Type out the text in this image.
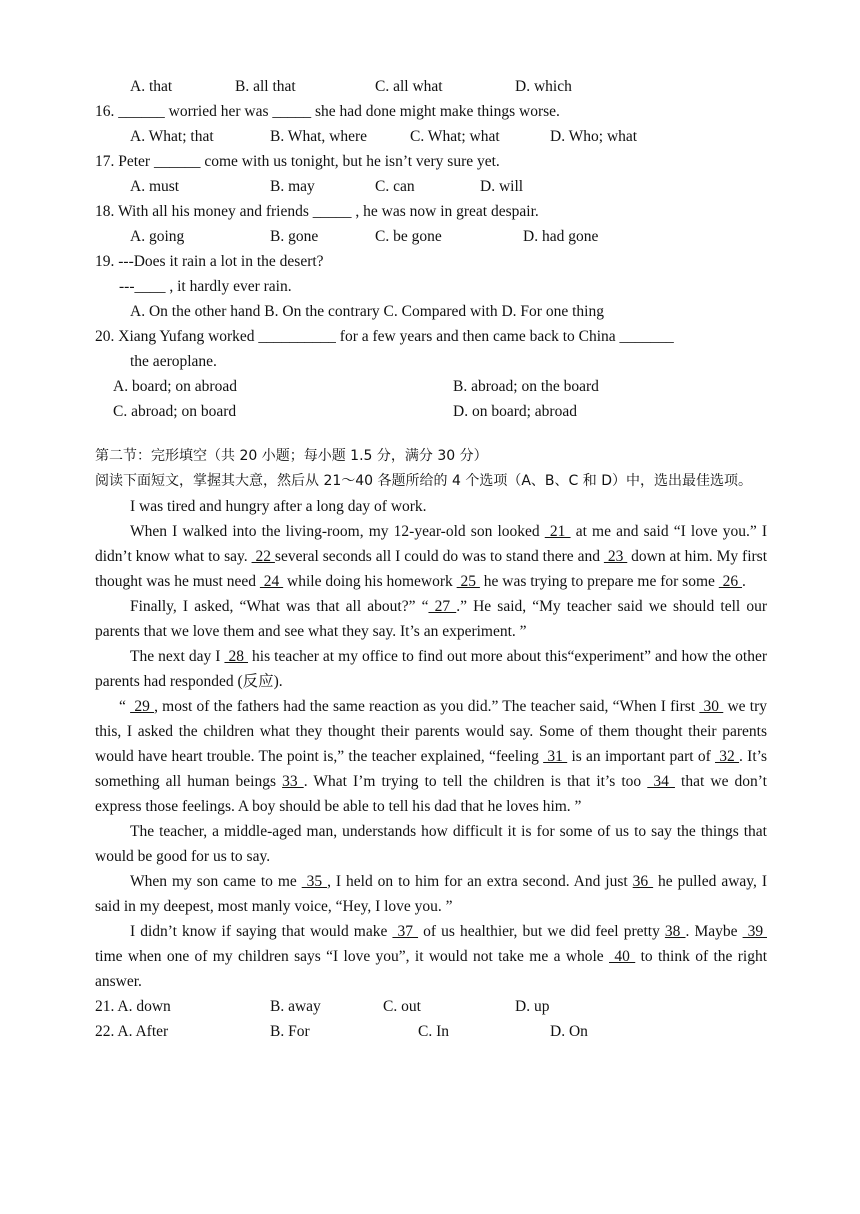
A. that	B. all that	C. all what	D. which
16. ______ worried her was _____ she had done might make things worse.
A. What; that	B. What, where	C. What; what	D. Who; what
17. Peter ______ come with us tonight, but he isn’t very sure yet.
A. must	B. may	C. can	D. will
18. With all his money and friends _____ , he was now in great despair.
A. going	B. gone	C. be gone	D. had gone
19. ---Does it rain a lot in the desert?
---____ , it hardly ever rain.
A. On the other hand B. On the contrary C. Compared with D. For one thing
20. Xiang Yufang worked __________ for a few years and then came back to China _______
the aeroplane.
A. board; on abroad	B. abroad; on the board
C. abroad; on board	D. on board; abroad
第二节：完形填空（共 20 小题；每小题 1.5 分，满分 30 分）
阅读下面短文，掌握其大意，然后从 21～40 各题所给的 4 个选项（A、B、C 和 D）中，选出最佳选项。
I was tired and hungry after a long day of work.
When I walked into the living-room, my 12-year-old son looked  21  at me and said “I love you.” I didn’t know what to say.  22 several seconds all I could do was to stand there and  23  down at him. My first thought was he must need  24  while doing his homework  25  he was trying to prepare me for some  26 .
Finally, I asked, “What was that all about?” “ 27 .” He said, “My teacher said we should tell our parents that we love them and see what they say. It’s an experiment. ”
The next day I  28  his teacher at my office to find out more about this“experiment” and how the other parents had responded (反应).
“  29 , most of the fathers had the same reaction as you did.” The teacher said, “When I first  30  we try this, I asked the children what they thought their parents would say. Some of them thought their parents would have heart trouble. The point is,” the teacher explained, “feeling  31  is an important part of  32 . It’s something all human beings 33 . What I’m trying to tell the children is that it’s too  34  that we don’t express those feelings. A boy should be able to tell his dad that he loves him. ”
The teacher, a middle-aged man, understands how difficult it is for some of us to say the things that would be good for us to say.
When my son came to me  35 , I held on to him for an extra second. And just 36  he pulled away, I said in my deepest, most manly voice, “Hey, I love you. ”
I didn’t know if saying that would make  37  of us healthier, but we did feel pretty 38 . Maybe  39  time when one of my children says “I love you”, it would not take me a whole  40  to think of the right answer.
21. A. down	B. away	C. out	D. up
22. A. After	B. For	C. In	D. On
